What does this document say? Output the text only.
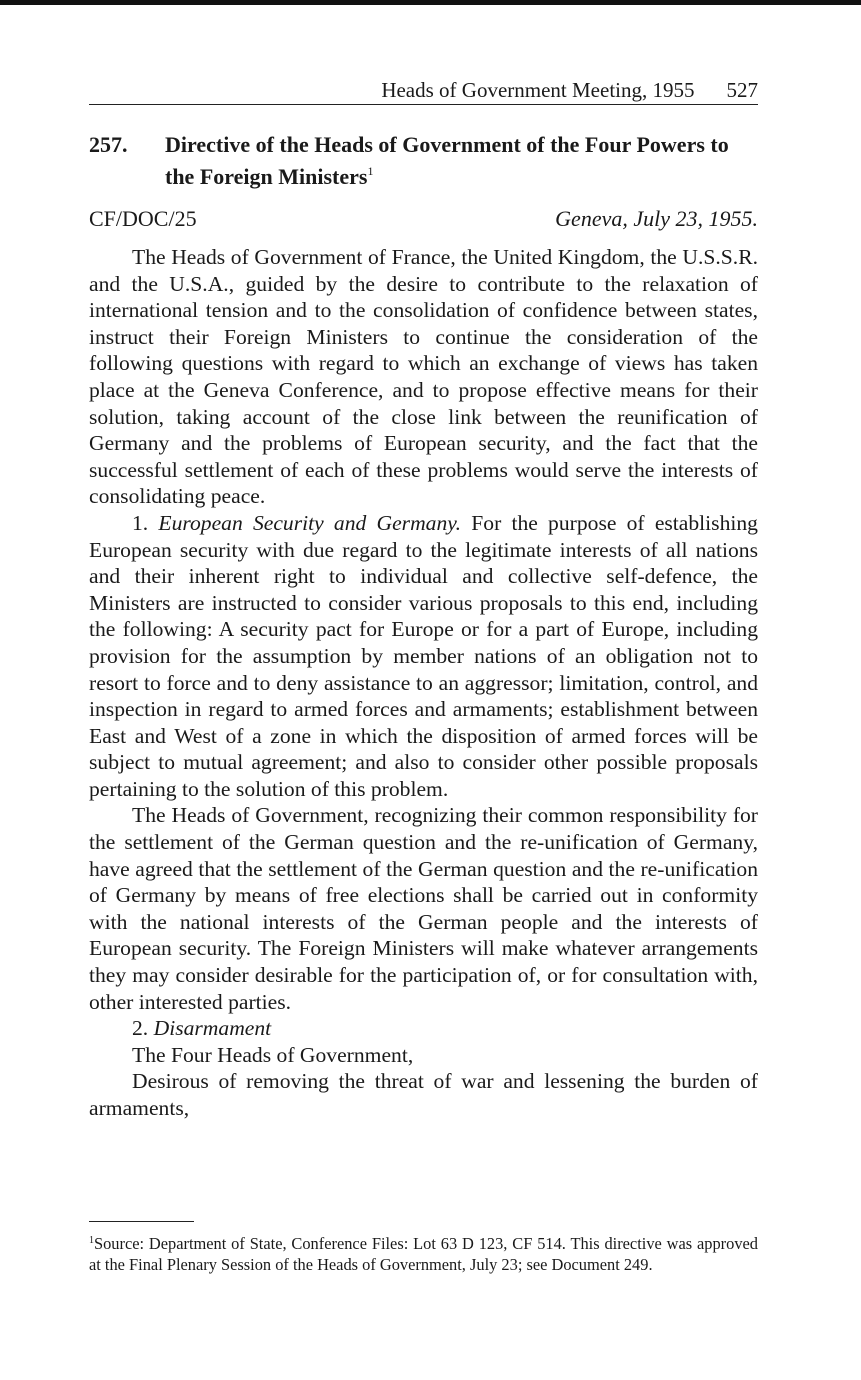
Heads of Government Meeting, 1955 527
257.	Directive of the Heads of Government of the Four Powers to the Foreign Ministers$^1$
CF/DOC/25	Geneva, July 23, 1955.

The Heads of Government of France, the United Kingdom, the U.S.S.R. and the U.S.A., guided by the desire to contribute to the relaxation of international tension and to the consolidation of confidence between states, instruct their Foreign Ministers to continue the consideration of the following questions with regard to which an exchange of views has taken place at the Geneva Conference, and to propose effective means for their solution, taking account of the close link between the reunification of Germany and the problems of European security, and the fact that the successful settlement of each of these problems would serve the interests of consolidating peace.

1. European Security and Germany. For the purpose of establishing European security with due regard to the legitimate interests of all nations and their inherent right to individual and collective self-defence, the Ministers are instructed to consider various proposals to this end, including the following: A security pact for Europe or for a part of Europe, including provision for the assumption by member nations of an obligation not to resort to force and to deny assistance to an aggressor; limitation, control, and inspection in regard to armed forces and armaments; establishment between East and West of a zone in which the disposition of armed forces will be subject to mutual agreement; and also to consider other possible proposals pertaining to the solution of this problem.

The Heads of Government, recognizing their common responsibility for the settlement of the German question and the re-unification of Germany, have agreed that the settlement of the German question and the re-unification of Germany by means of free elections shall be carried out in conformity with the national interests of the German people and the interests of European security. The Foreign Ministers will make whatever arrangements they may consider desirable for the participation of, or for consultation with, other interested parties.

2. Disarmament

The Four Heads of Government,

Desirous of removing the threat of war and lessening the burden of armaments,

$^1$Source: Department of State, Conference Files: Lot 63 D 123, CF 514. This directive was approved at the Final Plenary Session of the Heads of Government, July 23; see Document 249.
